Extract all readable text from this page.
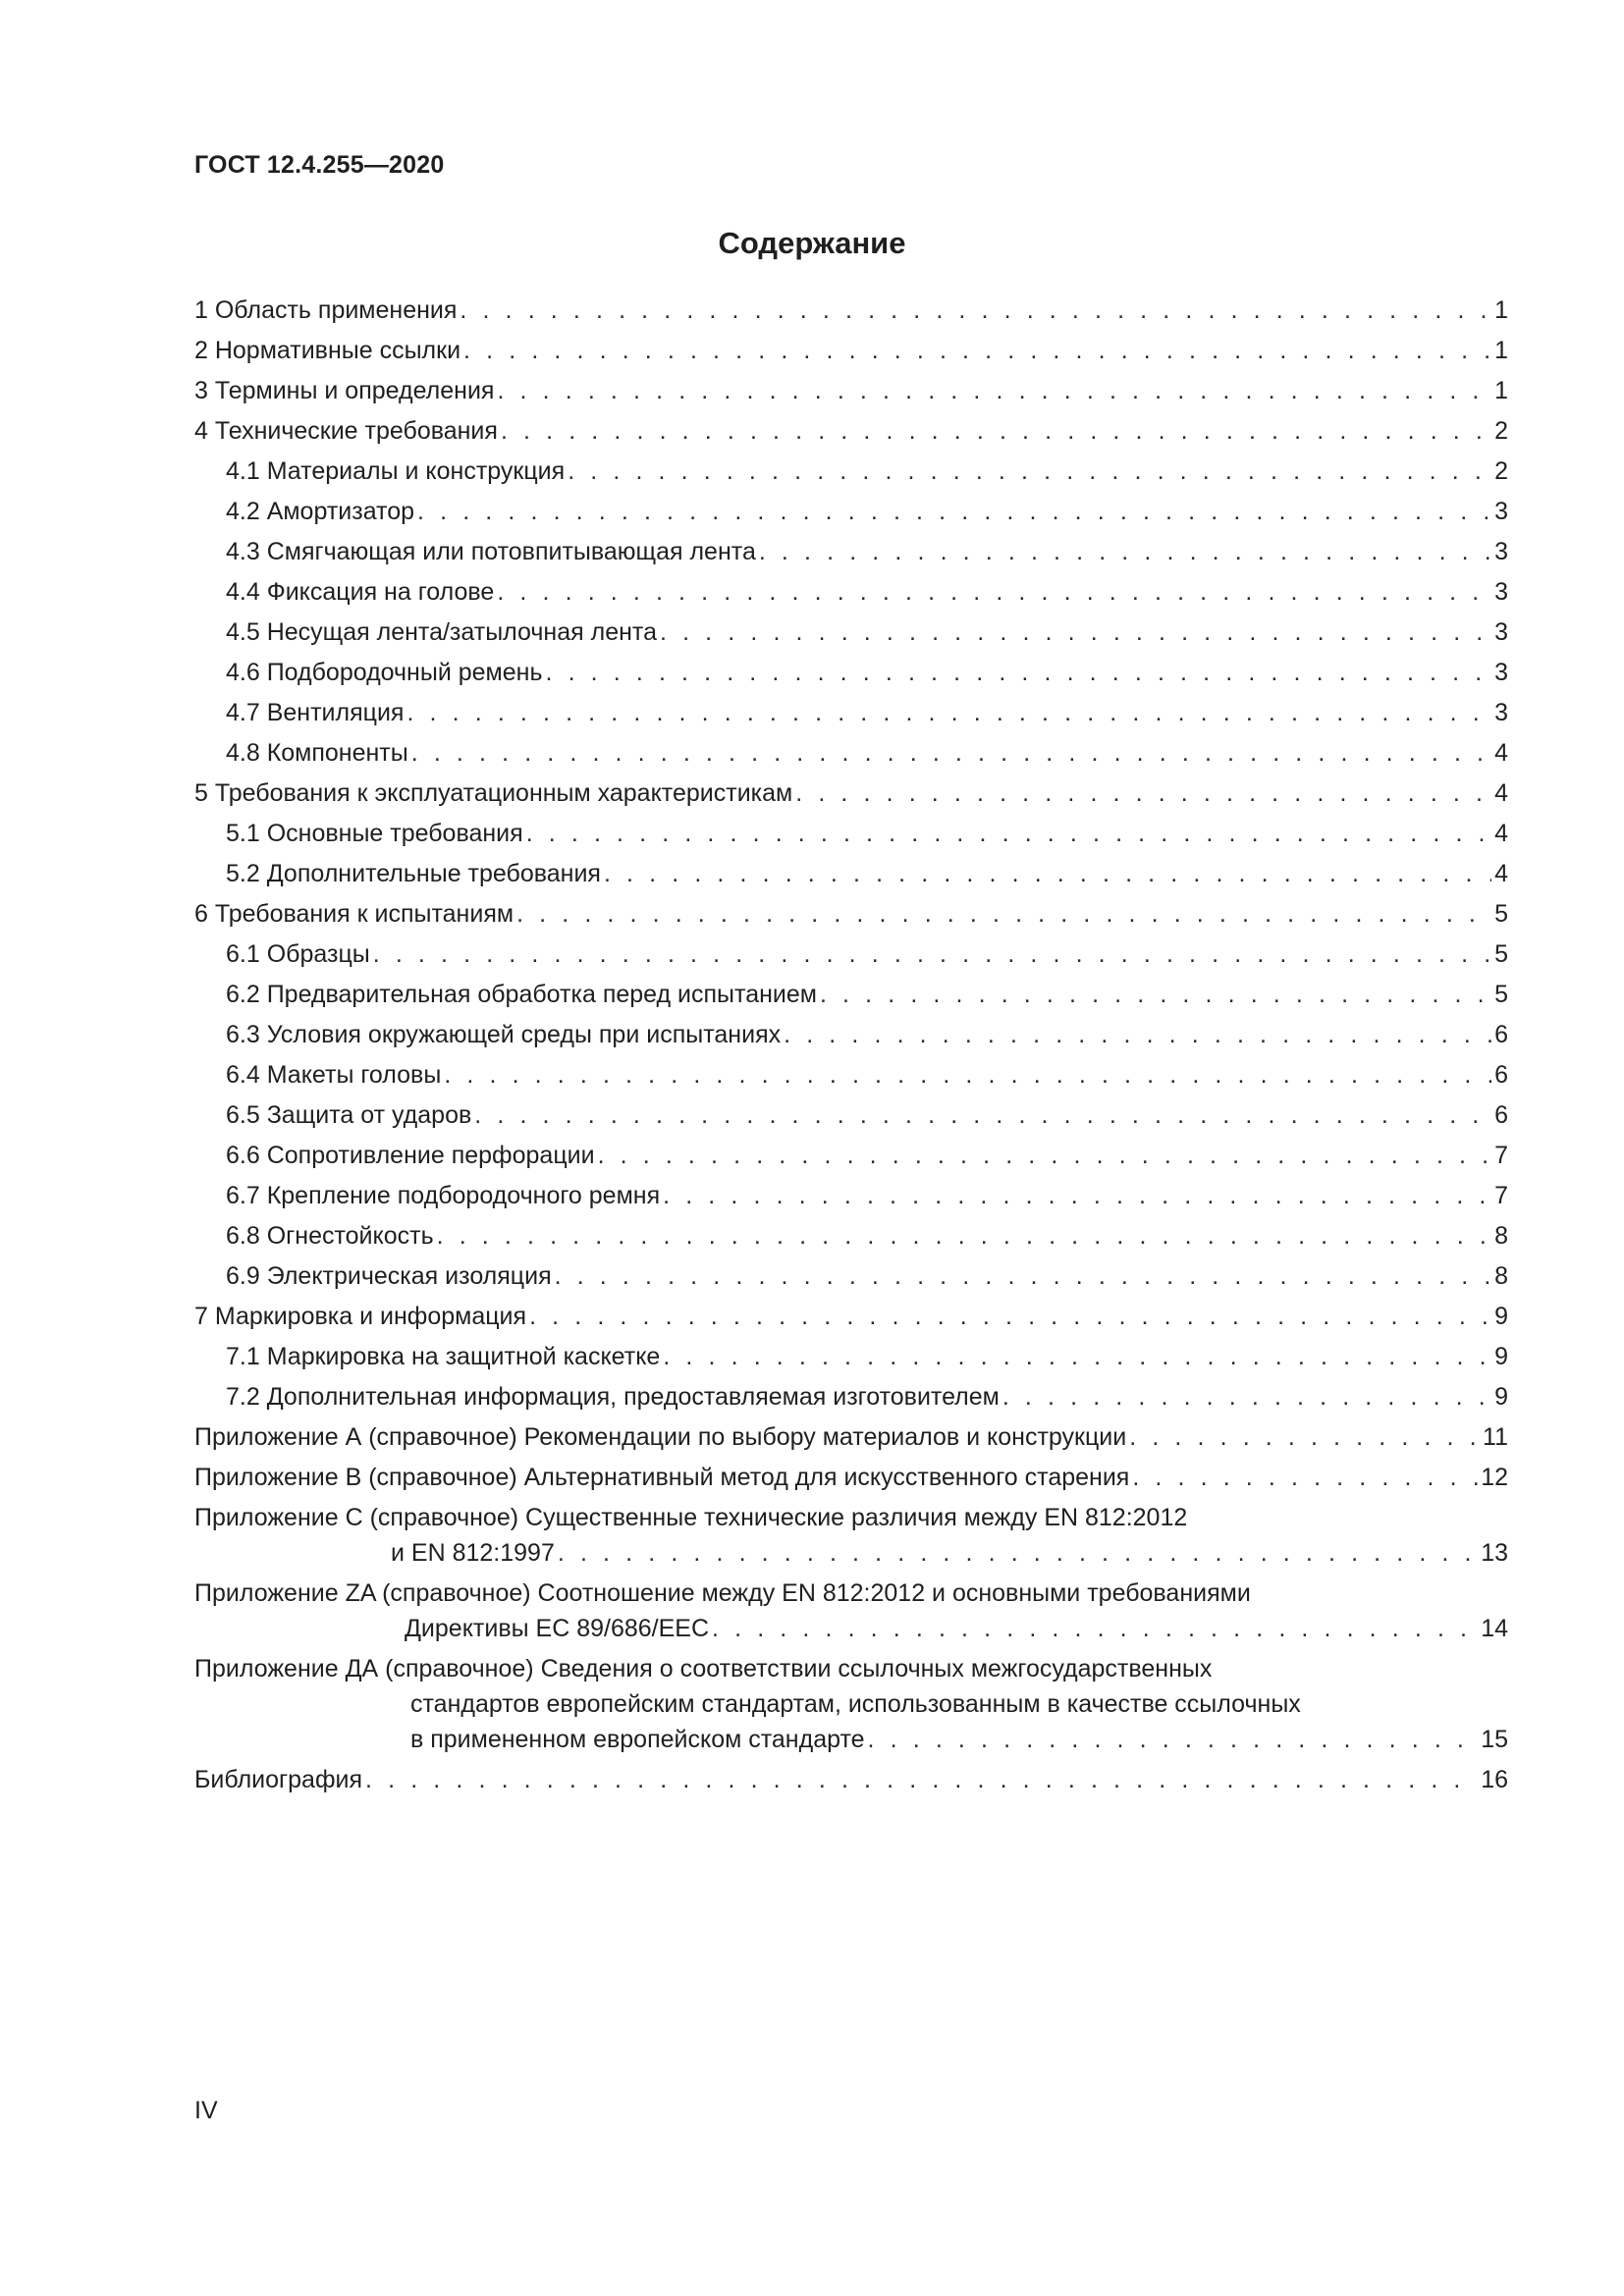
ГОСТ 12.4.255—2020
Содержание
1 Область применения . . .	1
2 Нормативные ссылки . . .	1
3 Термины и определения . . .	1
4 Технические требования . . .	2
4.1 Материалы и конструкция . . .	2
4.2 Амортизатор . . .	3
4.3 Смягчающая или потовпитывающая лента . . .	3
4.4 Фиксация на голове . . .	3
4.5 Несущая лента/затылочная лента . . .	3
4.6 Подбородочный ремень . . .	3
4.7 Вентиляция . . .	3
4.8 Компоненты . . .	4
5 Требования к эксплуатационным характеристикам . . .	4
5.1 Основные требования . . .	4
5.2 Дополнительные требования . . .	4
6 Требования к испытаниям . . .	5
6.1 Образцы . . .	5
6.2 Предварительная обработка перед испытанием . . .	5
6.3 Условия окружающей среды при испытаниях . . .	6
6.4 Макеты головы . . .	6
6.5 Защита от ударов . . .	6
6.6 Сопротивление перфорации . . .	7
6.7 Крепление подбородочного ремня . . .	7
6.8 Огнестойкость . . .	8
6.9 Электрическая изоляция . . .	8
7 Маркировка и информация . . .	9
7.1 Маркировка на защитной каскетке . . .	9
7.2 Дополнительная информация, предоставляемая изготовителем . . .	9
Приложение А (справочное) Рекомендации по выбору материалов и конструкции . . .	11
Приложение В (справочное) Альтернативный метод для искусственного старения . . .	12
Приложение С (справочное) Существенные технические различия между EN 812:2012
и EN 812:1997 . . .	13
Приложение ZA (справочное) Соотношение между EN 812:2012 и основными требованиями
Директивы ЕС 89/686/EEC . . .	14
Приложение ДА (справочное) Сведения о соответствии ссылочных межгосударственных
стандартов европейским стандартам, использованным в качестве ссылочных
в примененном европейском стандарте . . .	15
Библиография . . .	16
IV
